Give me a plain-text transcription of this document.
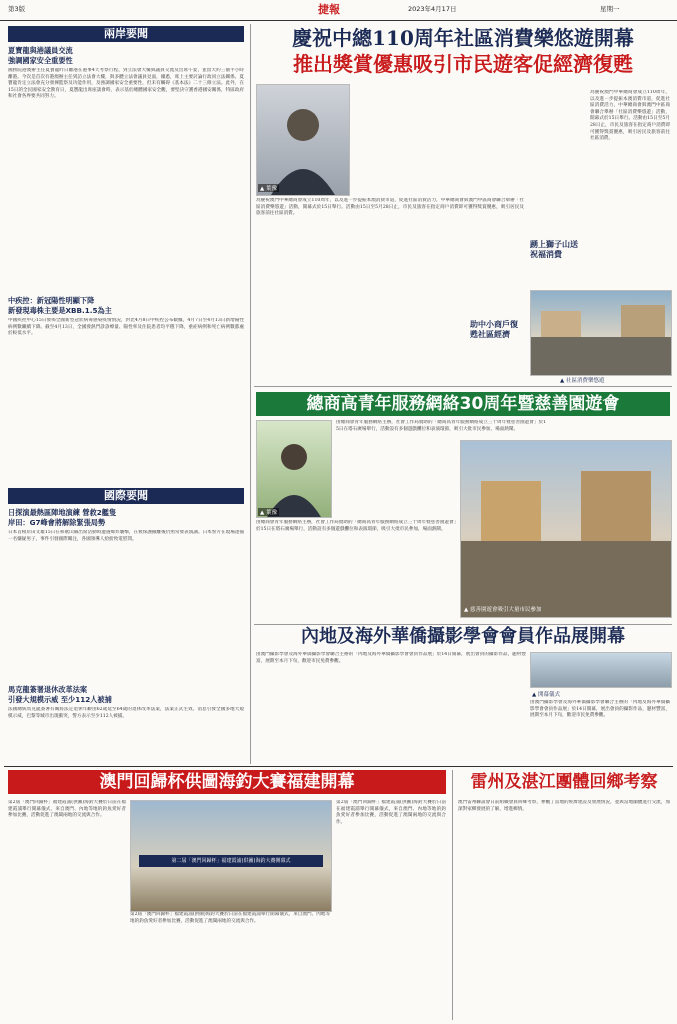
第3版	捷報	2023年4月17日	星期一
兩岸要聞
夏寶龍與港議員交流
強調國家安全重要性
國務院港澳辦主任夏寶龍昨日離港在港事4天考察行程，到立法會大樓與議員交流及出席午宴，並留大約三個半小時離港。今次是首次有港澳辦主任到訪立法會大樓，與多體立法會議員見面，據悉，席上主要討論行政同立法關係、夏寶龍肯定立法會充分發揮監察及功能作用，及強調國家安全重要性，但未有觸碍《基本法》二十三條立法。此外，在15日的全民國家安全教育日，夏寶龍出席座談會時，表示基於總體國家安全觀，要堅決守護香港國安關係，特區政府和社會各界要共同努力。
中疾控：新冠陽性明顯下降
新發現毒株主要是XBB.1.5為主
中國疾控中心15日發佈全國新型冠狀病毒感染疫情情況，對比4月8日中疾控公布數據，4月7日至4月13日新增陽性病例數繼續下降。截至4月13日，全國發熱門診診療量、陽性率及住院患者均平穩下降，重症病例和死亡病例數都處於較低水平。
國際要聞
日探演最熱區陣地演練 營救2艦隻
岸田：G7峰會將解除緊張局勢
日本首相岸田文雄15日在和歌山縣出席活動時遭遇爆炸襲擊，在被保護撤離後仍照常發表演講。日本警方在現場逮捕一名嫌疑男子，事件引發國際關注，各國領導人紛紛致電慰問。
馬克龍簽署退休改革法案
引發大規模示威 至少112人被捕
法國總統馬克龍簽署有關將法定退休年齡由62歲延至64歲的退休改革法案，法案正式生效。消息引發全國多地大規模示威，巴黎等城市出現衝突，警方表示至少112人被捕。
慶祝中總110周年社區消費樂悠遊開幕
推出獎賞優惠吸引市民遊客促經濟復甦
▲ 葉豫
為慶祝澳門中華總商會成立110周年，以及進一步提振本澳消費市道，促進社區消費活力，中華總商會與澳門中區商會聯合舉辦「社區消費樂悠遊」活動，開幕式於15日舉行。活動由15日至5月28日止，市民及旅客在指定商戶消費即可獲得獎賞優惠，吸引居民及旅客前往社區消費。
踴上獅子山送祝福消費
助中小商戶復甦社區經濟
為慶祝澳門中華總商會成立110周年，以及進一步提振本澳消費市道，促進社區消費活力，中華總商會與澳門中區商會聯合舉辦「社區消費樂悠遊」活動，開幕式於15日舉行。活動由15日至5月28日止，市民及旅客在指定商戶消費即可獲得獎賞優惠，吸引居民及旅客前往社區消費。
▲ 社區消費樂悠遊
總商高青年服務網絡30周年暨慈善園遊會
▲ 葉豫
由總商會青年服務網絡主辦，社會工作局贊助的「總商高青年服務網絡成立三十周年暨慈善園遊會」於15日在塔石廣場舉行，活動設有多個遊戲攤位和表演環節，吸引大批市民參加，場面熱鬧。
由總商會青年服務網絡主辦，社會工作局贊助的「總商高青年服務網絡成立三十周年暨慈善園遊會」於15日在塔石廣場舉行，活動設有多個遊戲攤位和表演環節，吸引大批市民參加，場面熱鬧。
▲ 慈善園遊會吸引大量市民參加
內地及海外華僑攝影學會會員作品展開幕
由澳門攝影學會及海外華僑攝影學會聯合主辦的「內地及海外華僑攝影學會會員作品展」於14日開幕，展出會員的攝影作品，題材豐富，展期至本月下旬，歡迎市民免費參觀。
▲ 開幕儀式
由澳門攝影學會及海外華僑攝影學會聯合主辦的「內地及海外華僑攝影學會會員作品展」於14日開幕，展出會員的攝影作品，題材豐富，展期至本月下旬，歡迎市民免費參觀。
澳門回歸杯供圖海釣大賽福建開幕
第2屆「澳門回歸杯」福建霞浦(供圖)海釣大賽於日前在福建霞浦舉行開幕儀式，來自澳門、內地等地的釣魚愛好者參加比賽，活動促進了澳閩兩地的交流與合作。
第二屆「澳門回歸杯」福建霞浦(供圖)海釣大賽開幕式
第2屆「澳門回歸杯」福建霞浦(供圖)海釣大賽於日前在福建霞浦舉行開幕儀式，來自澳門、內地等地的釣魚愛好者參加比賽，活動促進了澳閩兩地的交流與合作。
第2屆「澳門回歸杯」福建霞浦(供圖)海釣大賽於日前在福建霞浦舉行開幕儀式，來自澳門、內地等地的釣魚愛好者參加比賽，活動促進了澳閩兩地的交流與合作。
雷州及湛江團體回鄉考察
澳門雷州聯誼會日前組織會員回鄉考察，參觀了當地的經濟建設及發展情況，並與當地團體進行交流，加深對家鄉發展的了解，增進鄉情。
